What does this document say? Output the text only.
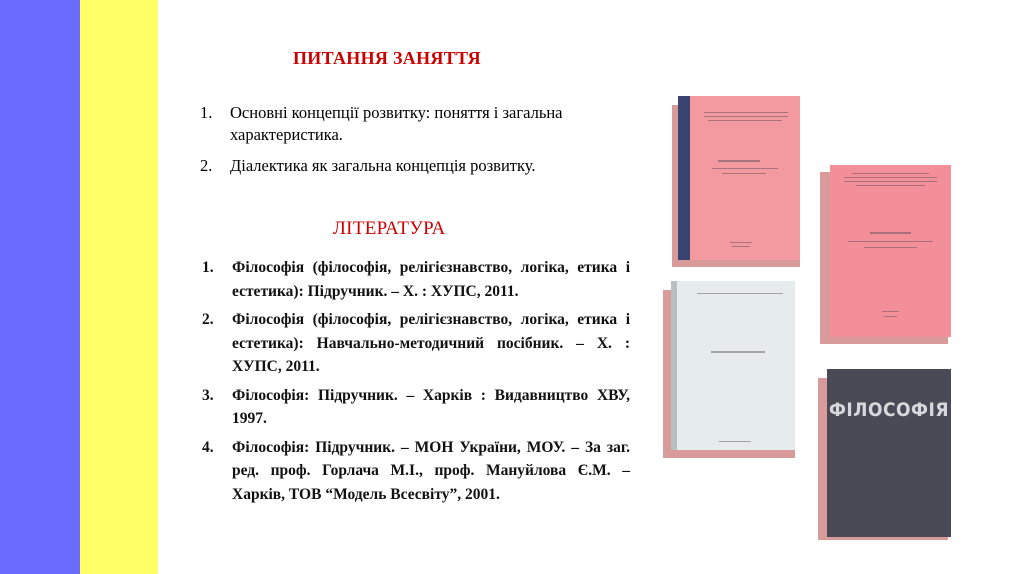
ПИТАННЯ ЗАНЯТТЯ
1. Основні концепції розвитку: поняття і загальна характеристика.
2. Діалектика як загальна концепція розвитку.
ЛІТЕРАТУРА
1. Філософія (філософія, релігієзнавство, логіка, етика і естетика): Підручник. – Х. : ХУПС, 2011.
2. Філософія (філософія, релігієзнавство, логіка, етика і естетика): Навчально-методичний посібник. – Х. : ХУПС, 2011.
3. Філософія: Підручник. – Харків : Видавництво ХВУ, 1997.
4. Філософія: Підручник. – МОН України, МОУ. – За заг. ред. проф. Горлача М.І., проф. Мануйлова Є.М. – Харків, ТОВ “Модель Всесвіту”, 2001.
ФІЛОСОФІЯ
